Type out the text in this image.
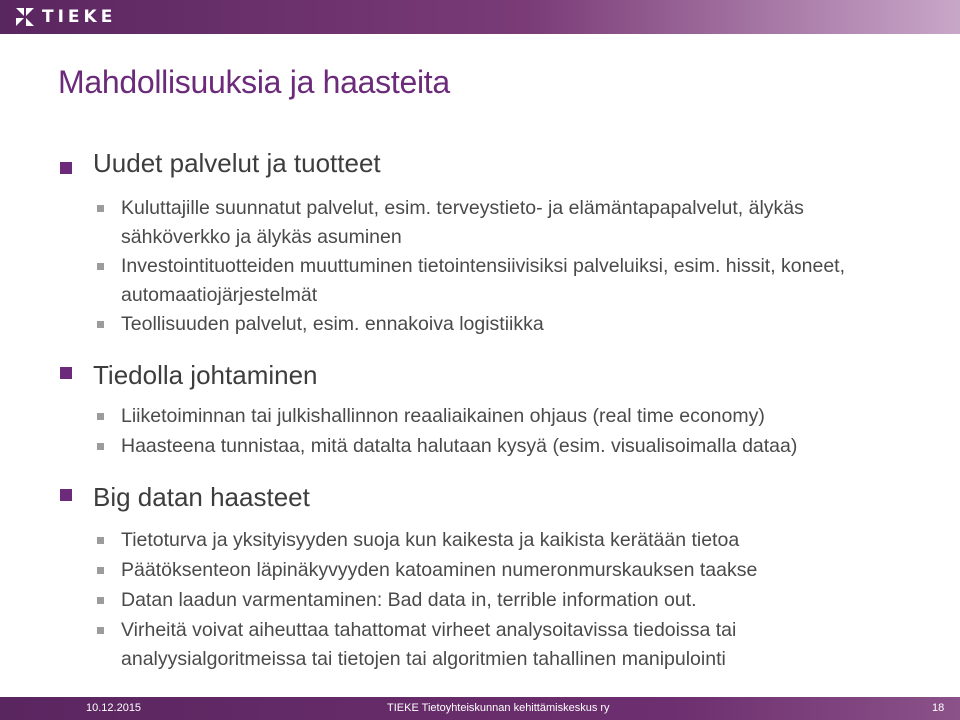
TIEKE
Mahdollisuuksia ja haasteita
Uudet palvelut ja tuotteet
Kuluttajille suunnatut palvelut, esim. terveystieto- ja elämäntapapalvelut, älykäs sähköverkko ja älykäs asuminen
Investointituotteiden muuttuminen tietointensiivisiksi palveluiksi, esim. hissit, koneet, automaatiojärjestelmät
Teollisuuden palvelut, esim. ennakoiva logistiikka
Tiedolla johtaminen
Liiketoiminnan tai julkishallinnon reaaliaikainen ohjaus (real time economy)
Haasteena tunnistaa, mitä datalta halutaan kysyä (esim. visualisoimalla dataa)
Big datan haasteet
Tietoturva ja yksityisyyden suoja kun kaikesta ja kaikista kerätään tietoa
Päätöksenteon läpinäkyvyyden katoaminen numeronmurskauksen taakse
Datan laadun varmentaminen: Bad data in, terrible information out.
Virheitä voivat aiheuttaa tahattomat virheet analysoitavissa tiedoissa tai analyysialgoritmeissa tai tietojen tai algoritmien tahallinen manipulointi
10.12.2015	TIEKE Tietoyhteiskunnan kehittämiskeskus ry	18
